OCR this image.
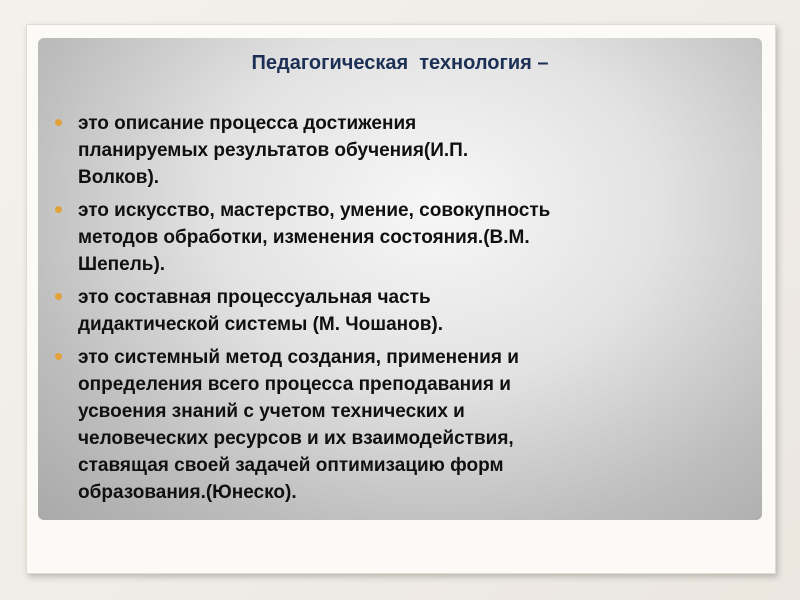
Педагогическая  технология –
это описание процесса достижения
планируемых результатов обучения(И.П.
Волков).
это искусство, мастерство, умение, совокупность
методов обработки, изменения состояния.(В.М.
Шепель).
это составная процессуальная часть
дидактической системы (М. Чошанов).
это системный метод создания, применения и
определения всего процесса преподавания и
усвоения знаний с учетом технических и
человеческих ресурсов и их взаимодействия,
ставящая своей задачей оптимизацию форм
образования.(Юнеско).
